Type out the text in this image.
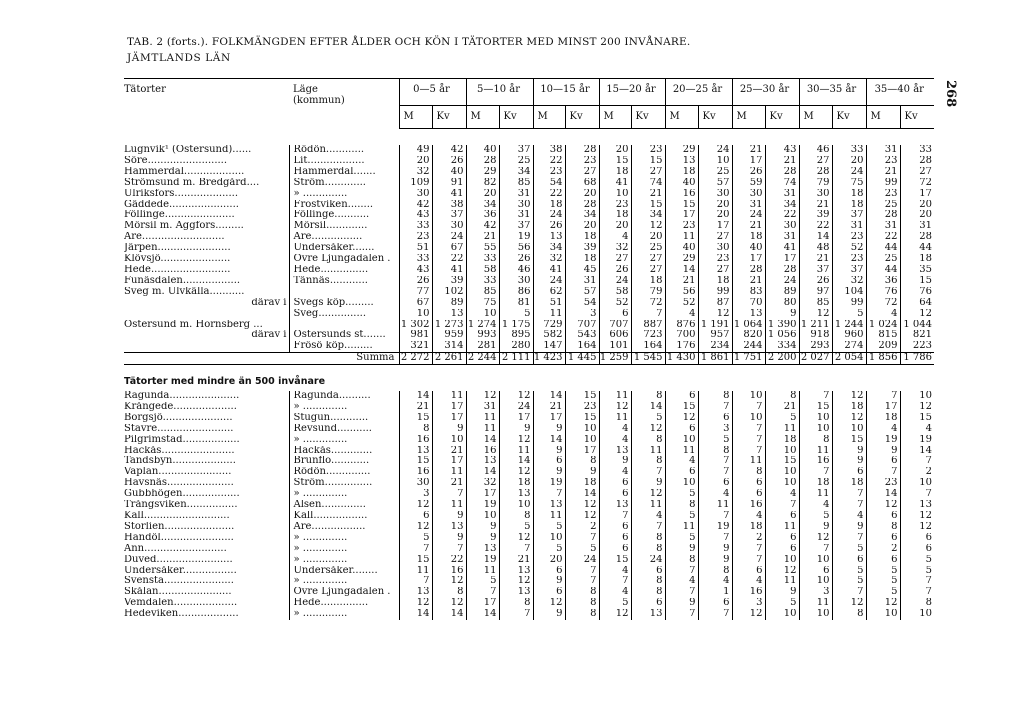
TAB. 2 (forts.). FOLKMÄNGDEN EFTER ÅLDER OCH KÖN I TÄTORTER MED MINST 200 INVÅNARE.
JÄMTLANDS LÄN
268
Tätorter	Läge
(kommun)	0—5 år		5—10 år		10—15 år		15—20 år		20—25 år		25—30 år		30—35 år		35—40 år	
		M	Kv	M	Kv	M	Kv	M	Kv	M	Kv	M	Kv	M	Kv	M	Kv

Lugnvik¹ (Östersund)......	Rödön............	49	42	40	37	38	28	20	23	29	24	21	43	46	33	31	33
Söre.........................	Lit..................	20	26	28	25	22	23	15	15	13	10	17	21	27	20	23	28
Hammerdal...................	Hammerdal.......	32	40	29	34	23	27	18	27	18	25	26	28	28	24	21	27
Strömsund m. Bredgård....	Ström.............	109	91	82	85	54	68	41	74	40	57	59	74	79	75	99	72
Ulriksfors....................	» ..............	30	41	20	31	22	20	10	21	16	30	30	31	30	18	23	17
Gäddede......................	Frostviken........	42	38	34	30	18	28	23	15	15	20	31	34	21	18	25	20
Föllinge......................	Föllinge...........	43	37	36	31	24	34	18	34	17	20	24	22	39	37	28	20
Mörsil m. Äggfors.........	Mörsil.............	33	30	42	37	26	20	20	12	23	17	21	30	22	31	31	31
Åre..........................	Åre................	23	24	21	19	13	18	4	20	11	27	18	31	14	23	22	28
Järpen.......................	Undersåker.......	51	67	55	56	34	39	32	25	40	30	40	41	48	52	44	44
Klövsjö......................	Övre Ljungadalen .	33	22	33	26	32	18	27	27	29	23	17	17	21	23	25	18
Hede.........................	Hede...............	43	41	58	46	41	45	26	27	14	27	28	28	37	37	44	35
Funäsdalen..................	Tännäs............	26	39	33	30	24	31	24	18	21	18	21	24	26	32	36	15
Sveg m. Ulvkälla...........		77	102	85	86	62	57	58	79	56	99	83	89	97	104	76	76
därav i	Svegs köp.........	67	89	75	81	51	54	52	72	52	87	70	80	85	99	72	64
	Sveg...............	10	13	10	5	11	3	6	7	4	12	13	9	12	5	4	12
Östersund m. Hornsberg ...		1 302	1 273	1 274	1 175	729	707	707	887	876	1 191	1 064	1 390	1 211	1 244	1 024	1 044
därav i	Östersunds st.......	981	959	993	895	582	543	606	723	700	957	820	1 056	918	960	815	821
	Frösö köp.........	321	314	281	280	147	164	101	164	176	234	244	334	293	274	209	223
Summa		2 272	2 261	2 244	2 111	1 423	1 445	1 259	1 545	1 430	1 861	1 751	2 200	2 027	2 054	1 856	1 786

Tätorter med mindre än 500 invånare																	
Ragunda......................	Ragunda..........	14	11	12	12	14	15	11	8	6	8	10	8	7	12	7	10
Krångede....................	» ..............	21	17	31	24	21	23	12	14	15	7	7	21	15	18	17	12
Borgsjö......................	Stugun............	15	17	11	17	17	15	11	5	12	6	10	5	10	12	18	15
Stavre........................	Revsund...........	8	9	11	9	9	10	4	12	6	3	7	11	10	10	4	4
Pilgrimstad..................	» ..............	16	10	14	12	14	10	4	8	10	5	7	18	8	15	19	19
Hackås.......................	Hackås.............	13	21	16	11	9	17	13	11	11	8	7	10	11	9	9	14
Tandsbyn....................	Brunflo............	15	17	13	14	6	8	9	8	4	7	11	15	16	9	6	7
Vaplan.......................	Rödön..............	16	11	14	12	9	9	4	7	6	7	8	10	7	6	7	2
Havsnäs.....................	Ström...............	30	21	32	18	19	18	6	9	10	6	6	10	18	18	23	10
Gubbhögen..................	» ..............	3	7	17	13	7	14	6	12	5	4	6	4	11	7	14	7
Trångsviken................	Alsen..............	12	11	19	10	13	12	13	11	8	11	16	7	4	7	12	13
Kall...........................	Kall.................	6	9	10	8	11	12	7	4	5	7	4	6	5	4	6	12
Storlien......................	Åre.................	12	13	9	5	5	2	6	7	11	19	18	11	9	9	8	12
Handöl.......................	» ..............	5	9	9	12	10	7	6	8	5	7	2	6	12	7	6	6
Ånn..........................	» ..............	7	7	13	7	5	5	6	8	9	9	7	6	7	5	2	6
Duved........................	» ..............	15	22	19	21	20	24	15	24	8	9	7	10	10	6	6	5
Undersåker.................	Undersåker........	11	16	11	13	6	7	4	6	7	8	6	12	6	5	5	5
Svensta......................	» ..............	7	12	5	12	9	7	7	8	4	4	4	11	10	5	5	7
Skålan.......................	Övre Ljungadalen .	13	8	7	13	6	8	4	8	7	1	16	9	3	7	5	7
Vemdalen....................	Hede...............	12	12	17	8	12	8	5	6	9	6	3	5	11	12	12	8
Hedeviken...................	» ..............	14	14	14	7	9	8	12	13	7	7	12	10	10	8	10	10
